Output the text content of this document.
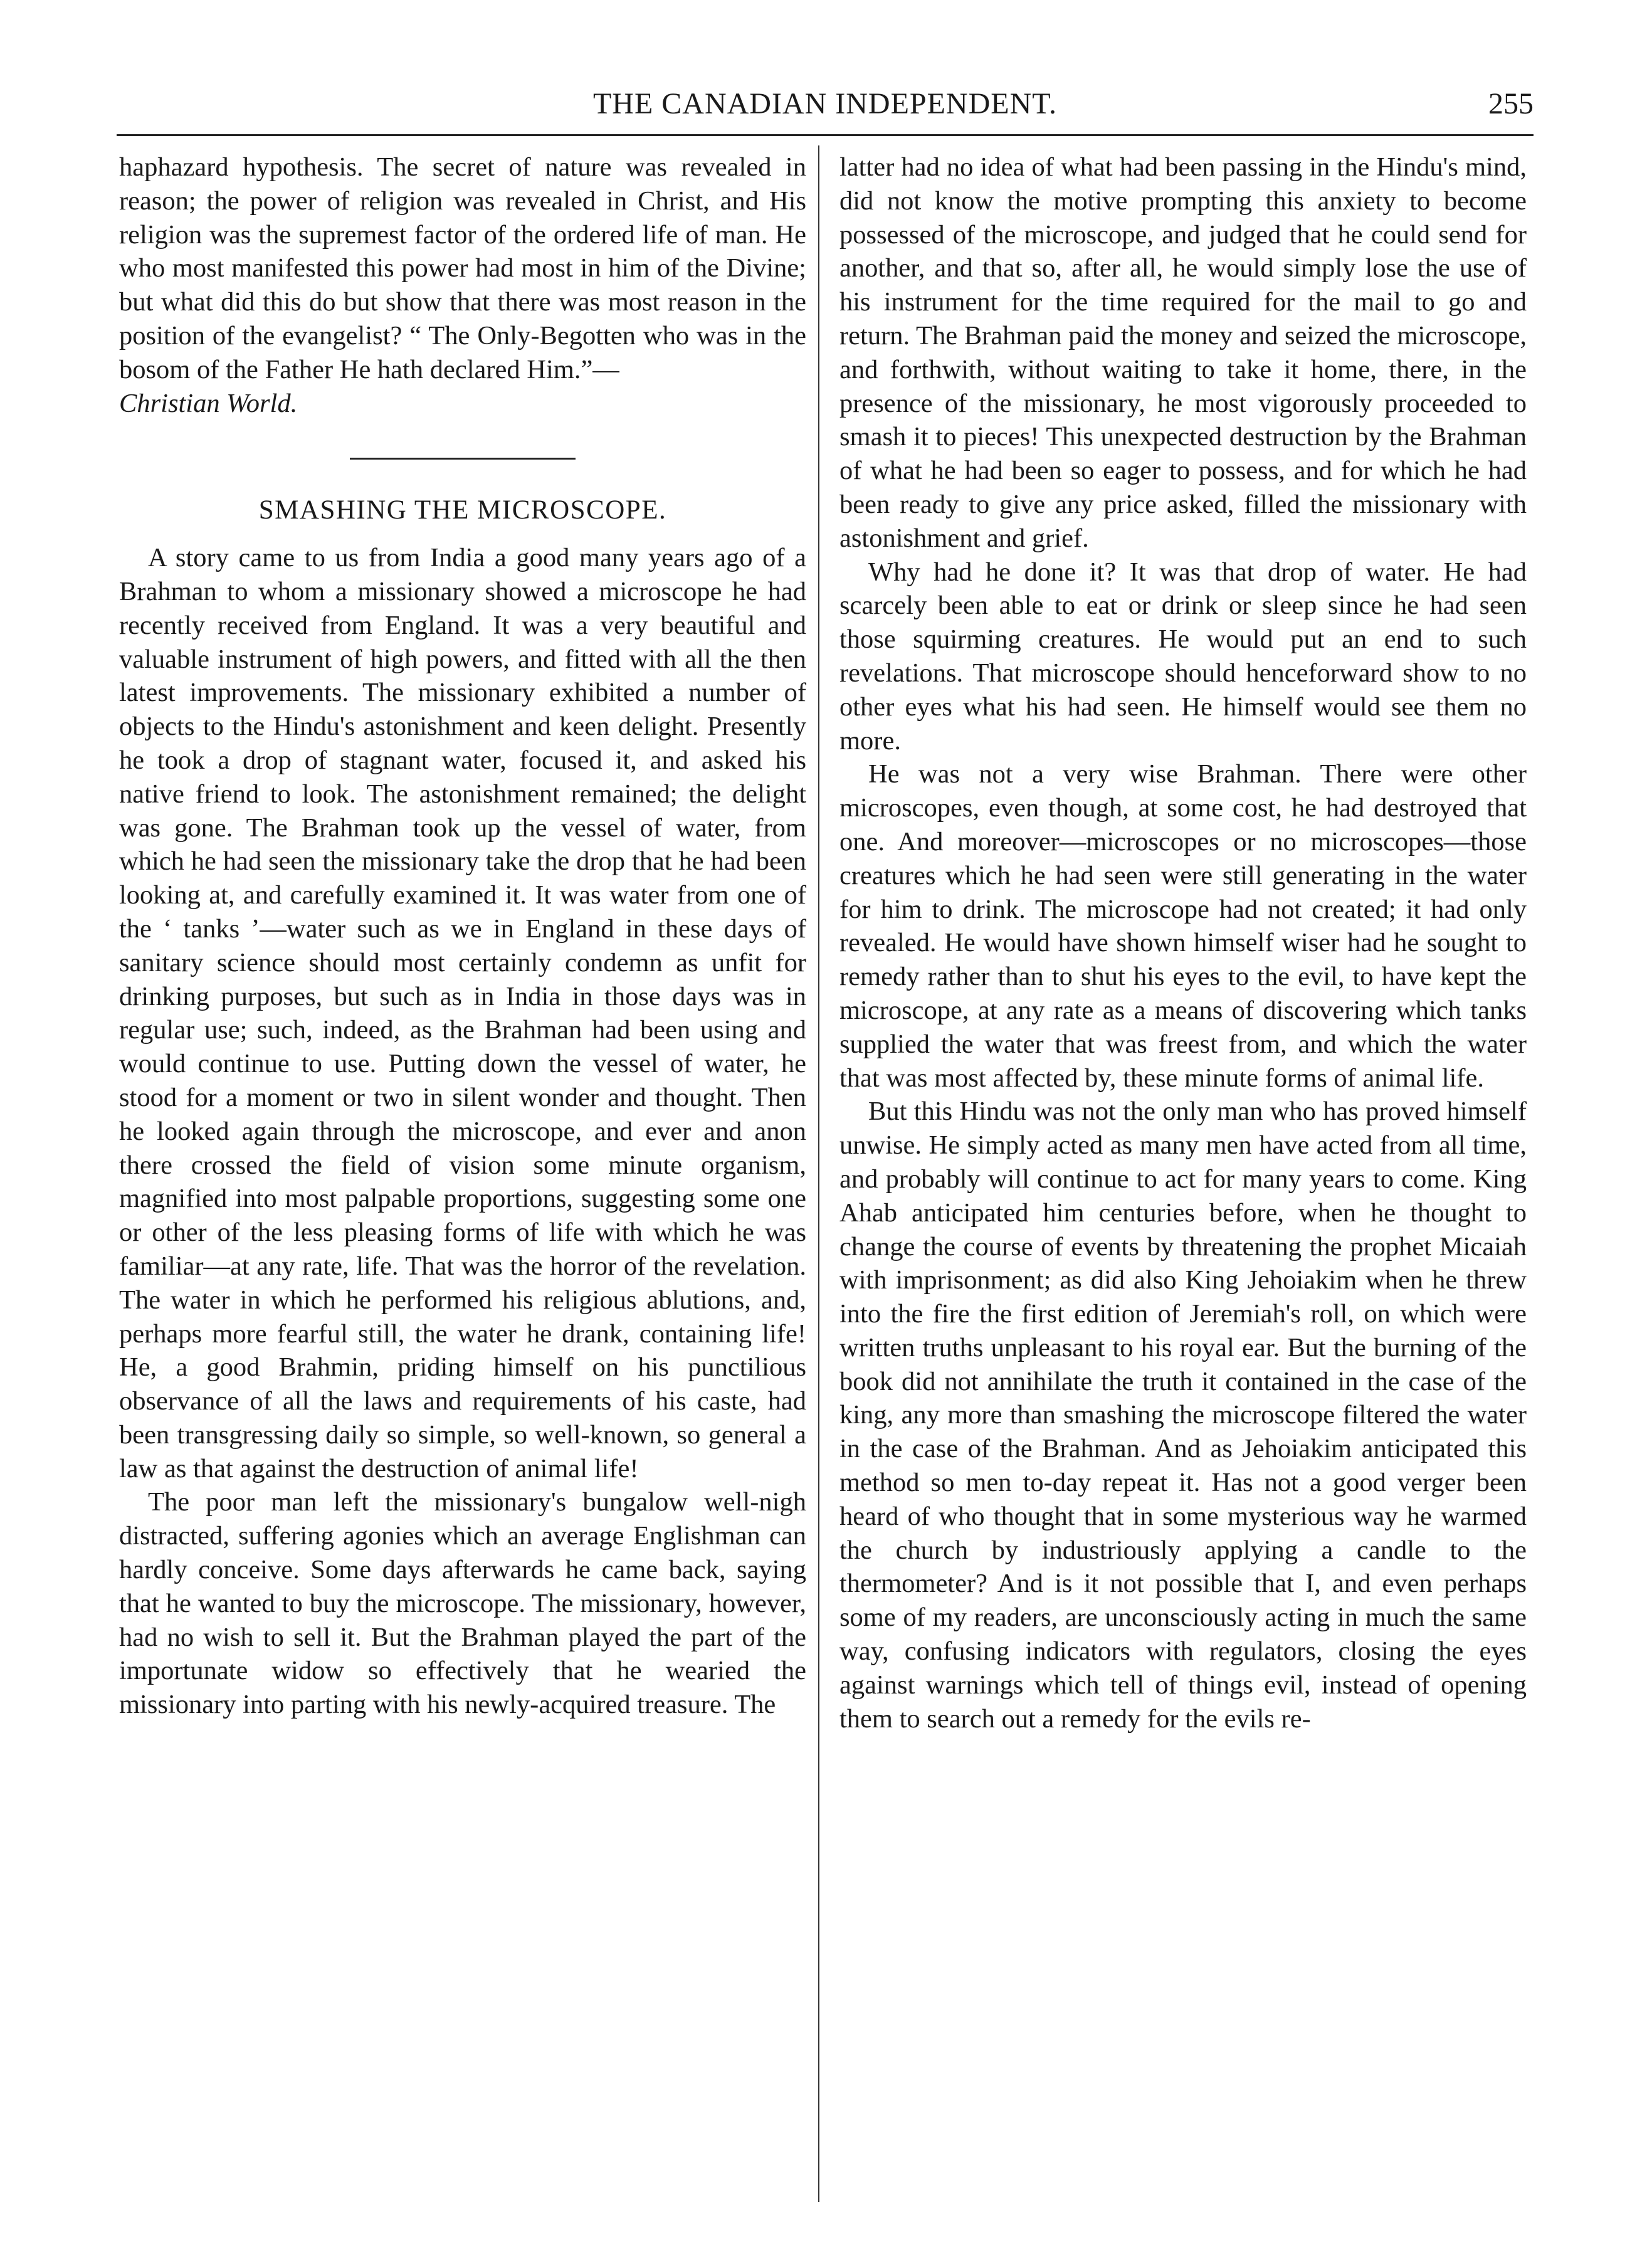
THE CANADIAN INDEPENDENT.	255

haphazard hypothesis. The secret of nature was revealed in reason; the power of religion was revealed in Christ, and His religion was the supremest factor of the ordered life of man. He who most manifested this power had most in him of the Divine; but what did this do but show that there was most reason in the position of the evangelist? “ The Only-Begotten who was in the bosom of the Father He hath declared Him.”—
Christian World.

SMASHING THE MICROSCOPE.

A story came to us from India a good many years ago of a Brahman to whom a missionary showed a microscope he had recently received from England. It was a very beautiful and valuable instrument of high powers, and fitted with all the then latest improvements. The missionary exhibited a number of objects to the Hindu's astonishment and keen delight. Presently he took a drop of stagnant water, focused it, and asked his native friend to look. The astonishment remained; the delight was gone. The Brahman took up the vessel of water, from which he had seen the missionary take the drop that he had been looking at, and carefully examined it. It was water from one of the ‘ tanks ’—water such as we in England in these days of sanitary science should most certainly condemn as unfit for drinking purposes, but such as in India in those days was in regular use; such, indeed, as the Brahman had been using and would continue to use. Putting down the vessel of water, he stood for a moment or two in silent wonder and thought. Then he looked again through the microscope, and ever and anon there crossed the field of vision some minute organism, magnified into most palpable proportions, suggesting some one or other of the less pleasing forms of life with which he was familiar—at any rate, life. That was the horror of the revelation. The water in which he performed his religious ablutions, and, perhaps more fearful still, the water he drank, containing life! He, a good Brahmin, priding himself on his punctilious observance of all the laws and requirements of his caste, had been transgressing daily so simple, so well-known, so general a law as that against the destruction of animal life!

The poor man left the missionary's bungalow well-nigh distracted, suffering agonies which an average Englishman can hardly conceive. Some days afterwards he came back, saying that he wanted to buy the microscope. The missionary, however, had no wish to sell it. But the Brahman played the part of the importunate widow so effectively that he wearied the missionary into parting with his newly-acquired treasure. The

latter had no idea of what had been passing in the Hindu's mind, did not know the motive prompting this anxiety to become possessed of the microscope, and judged that he could send for another, and that so, after all, he would simply lose the use of his instrument for the time required for the mail to go and return. The Brahman paid the money and seized the microscope, and forthwith, without waiting to take it home, there, in the presence of the missionary, he most vigorously proceeded to smash it to pieces! This unexpected destruction by the Brahman of what he had been so eager to possess, and for which he had been ready to give any price asked, filled the missionary with astonishment and grief.

Why had he done it? It was that drop of water. He had scarcely been able to eat or drink or sleep since he had seen those squirming creatures. He would put an end to such revelations. That microscope should henceforward show to no other eyes what his had seen. He himself would see them no more.

He was not a very wise Brahman. There were other microscopes, even though, at some cost, he had destroyed that one. And moreover—microscopes or no microscopes—those creatures which he had seen were still generating in the water for him to drink. The microscope had not created; it had only revealed. He would have shown himself wiser had he sought to remedy rather than to shut his eyes to the evil, to have kept the microscope, at any rate as a means of discovering which tanks supplied the water that was freest from, and which the water that was most affected by, these minute forms of animal life.

But this Hindu was not the only man who has proved himself unwise. He simply acted as many men have acted from all time, and probably will continue to act for many years to come. King Ahab anticipated him centuries before, when he thought to change the course of events by threatening the prophet Micaiah with imprisonment; as did also King Jehoiakim when he threw into the fire the first edition of Jeremiah's roll, on which were written truths unpleasant to his royal ear. But the burning of the book did not annihilate the truth it contained in the case of the king, any more than smashing the microscope filtered the water in the case of the Brahman. And as Jehoiakim anticipated this method so men to-day repeat it. Has not a good verger been heard of who thought that in some mysterious way he warmed the church by industriously applying a candle to the thermometer? And is it not possible that I, and even perhaps some of my readers, are unconsciously acting in much the same way, confusing indicators with regulators, closing the eyes against warnings which tell of things evil, instead of opening them to search out a remedy for the evils re-
